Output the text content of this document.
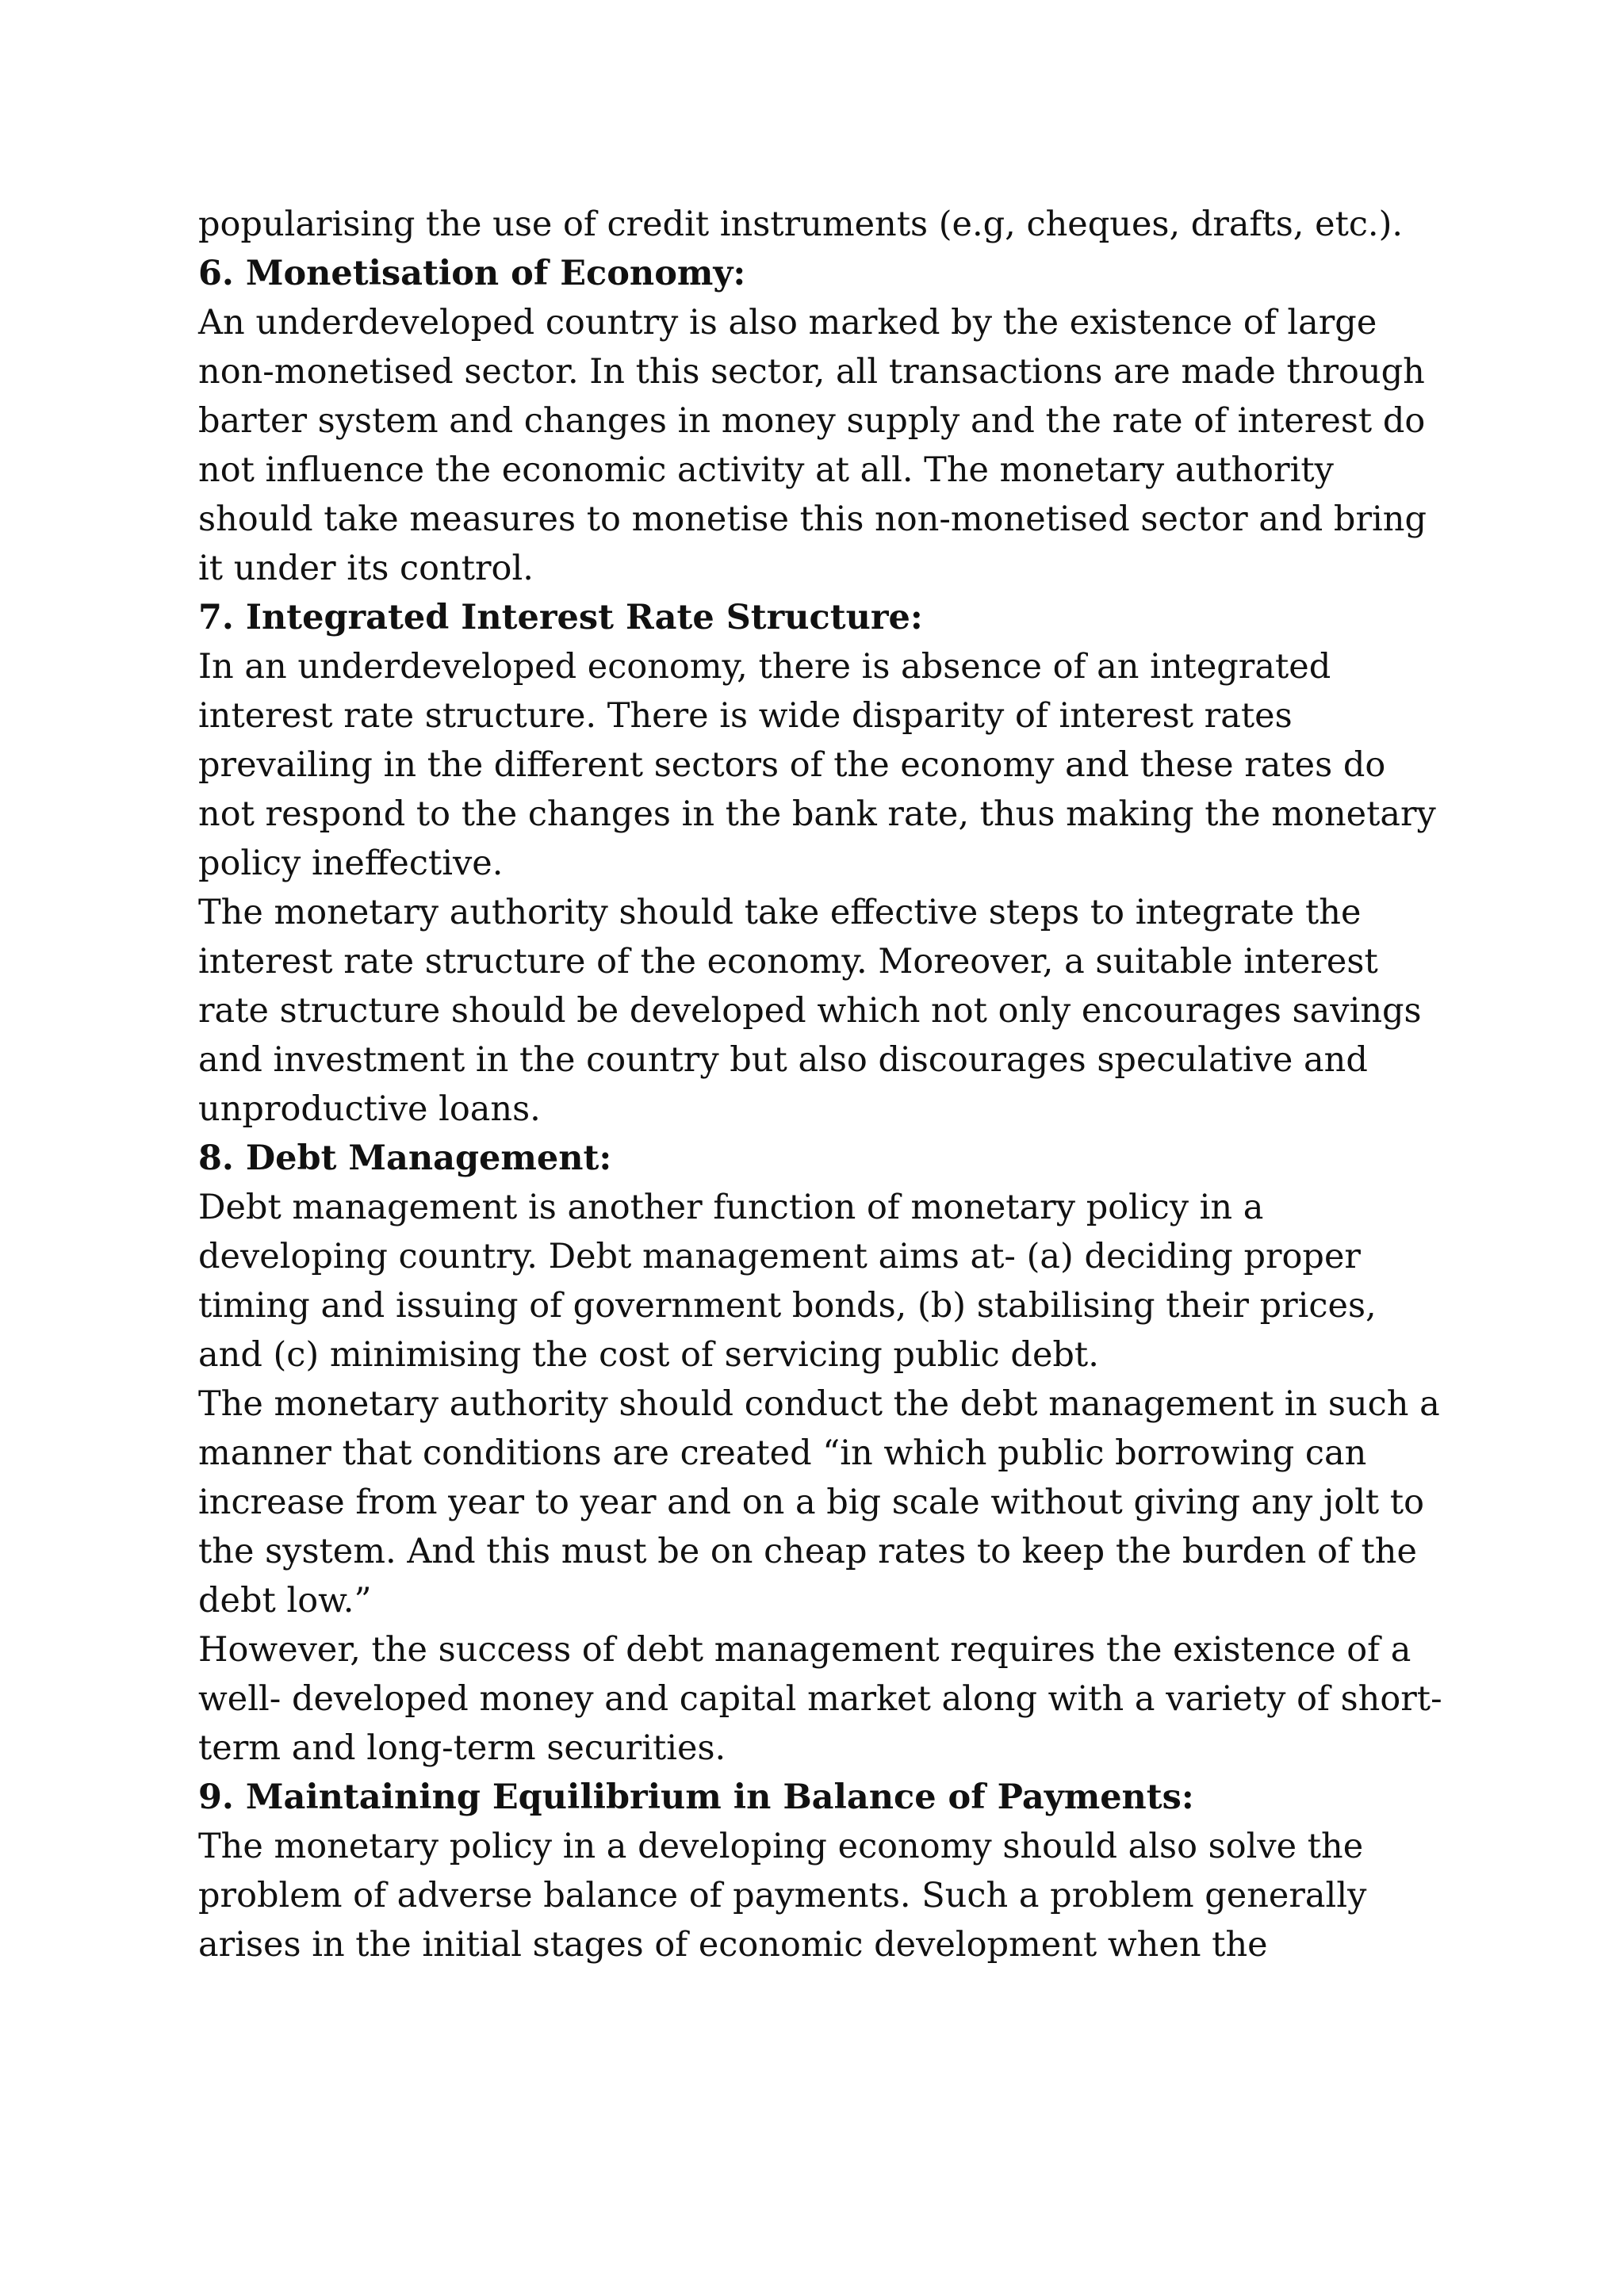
popularising the use of credit instruments (e.g, cheques, drafts, etc.).

6. Monetisation of Economy:

An underdeveloped country is also marked by the existence of large non-monetised sector. In this sector, all transactions are made through barter system and changes in money supply and the rate of interest do not influence the economic activity at all. The monetary authority should take measures to monetise this non-monetised sector and bring it under its control.

7. Integrated Interest Rate Structure:

In an underdeveloped economy, there is absence of an integrated interest rate structure. There is wide disparity of interest rates prevailing in the different sectors of the economy and these rates do not respond to the changes in the bank rate, thus making the monetary policy ineffective.

The monetary authority should take effective steps to integrate the interest rate structure of the economy. Moreover, a suitable interest rate structure should be developed which not only encourages savings and investment in the country but also discourages speculative and unproductive loans.

8. Debt Management:

Debt management is another function of monetary policy in a developing country. Debt management aims at- (a) deciding proper timing and issuing of government bonds, (b) stabilising their prices, and (c) minimising the cost of servicing public debt.

The monetary authority should conduct the debt management in such a manner that conditions are created “in which public borrowing can increase from year to year and on a big scale without giving any jolt to the system. And this must be on cheap rates to keep the burden of the debt low.”

However, the success of debt management requires the existence of a well- developed money and capital market along with a variety of short- term and long-term securities.

9. Maintaining Equilibrium in Balance of Payments:

The monetary policy in a developing economy should also solve the problem of adverse balance of payments. Such a problem generally arises in the initial stages of economic development when the
